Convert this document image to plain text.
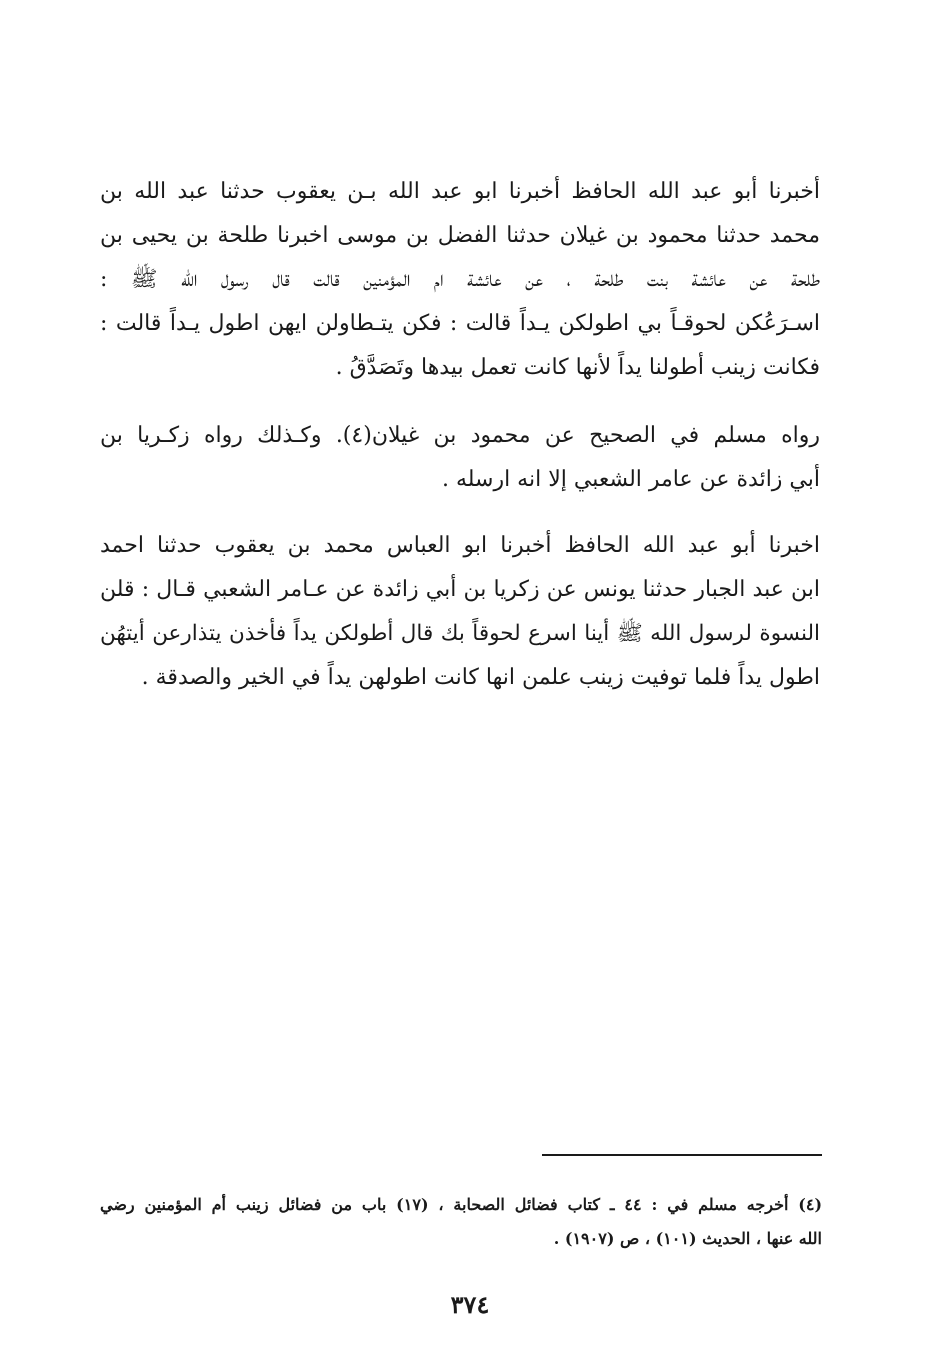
أخبرنا أبو عبد الله الحافظ أخبرنا ابو عبد الله بـن يعقوب حدثنا عبد الله بن
محمد حدثنا محمود بن غيلان حدثنا الفضل بن موسى اخبرنا طلحة بن يحيى بن
طلحة عن عائشة بنت طلحة ، عن عائشة ام المؤمنين قالت قال رسول الله ﷺ :
اسـرَعُكن لحوقـاً بي اطولكن يـداً قالت : فكن يتـطاولن ايهن اطول يـداً قالت :
فكانت زينب أطولنا يداً لأنها كانت تعمل بيدها وتَصَدَّقُ .
رواه مسلم في الصحيح عن محمود بن غيلان(٤). وكـذلك رواه زكـريا بن
أبي زائدة عن عامر الشعبي إلا انه ارسله .
اخبرنا أبو عبد الله الحافظ أخبرنا ابو العباس محمد بن يعقوب حدثنا احمد
ابن عبد الجبار حدثنا يونس عن زكريا بن أبي زائدة عن عـامر الشعبي قـال : قلن
النسوة لرسول الله ﷺ أينا اسرع لحوقاً بك قال أطولكن يداً فأخذن يتذارعن أيتهُن
اطول يداً فلما توفيت زينب علمن انها كانت اطولهن يداً في الخير والصدقة .
(٤) أخرجه مسلم في : ٤٤ ـ كتاب فضائل الصحابة ، (١٧) باب من فضائل زينب أم المؤمنين رضي
الله عنها ، الحديث (١٠١) ، ص (١٩٠٧) .
٣٧٤
